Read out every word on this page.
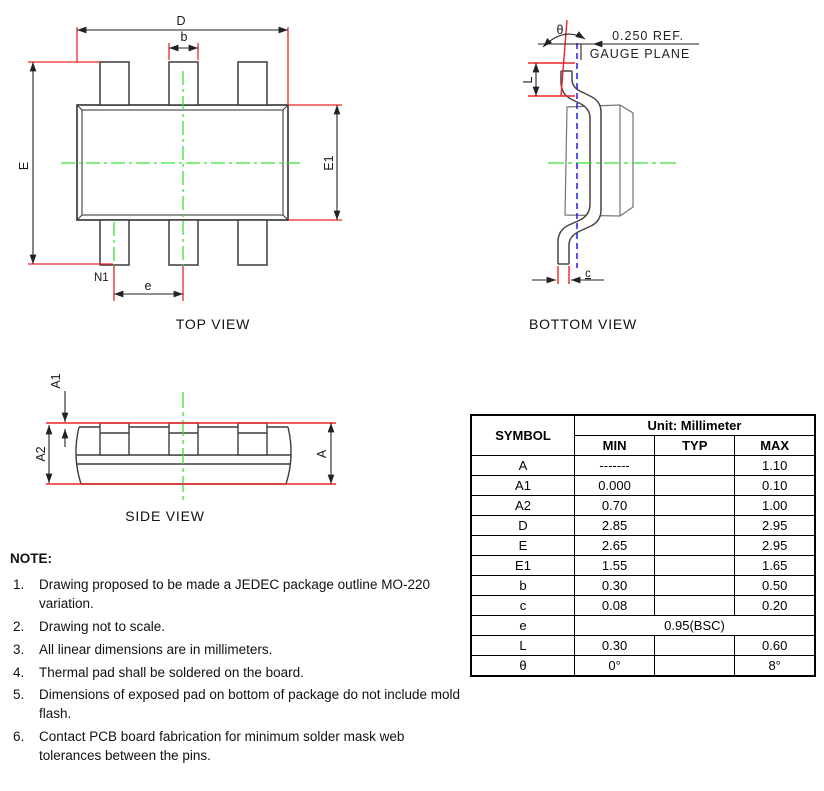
D
b
E	E1
N1
e
TOP VIEW
θ	0.250 REF.
GAUGE PLANE
L
c
BOTTOM VIEW
A1
A2	A
SIDE VIEW
SYMBOL	Unit: Millimeter		
	MIN	TYP	MAX
A	-------		1.10
A1	0.000		0.10
A2	0.70		1.00
D	2.85		2.95
E	2.65		2.95
E1	1.55		1.65
b	0.30		0.50
c	0.08		0.20
e	0.95(BSC)		
L	0.30		0.60
θ	0°		8°

NOTE:

Drawing proposed to be made a JEDEC package outline MO-220 variation.
Drawing not to scale.
All linear dimensions are in millimeters.
Thermal pad shall be soldered on the board.
Dimensions of exposed pad on bottom of package do not include mold flash.
Contact PCB board fabrication for minimum solder mask web tolerances between the pins.
